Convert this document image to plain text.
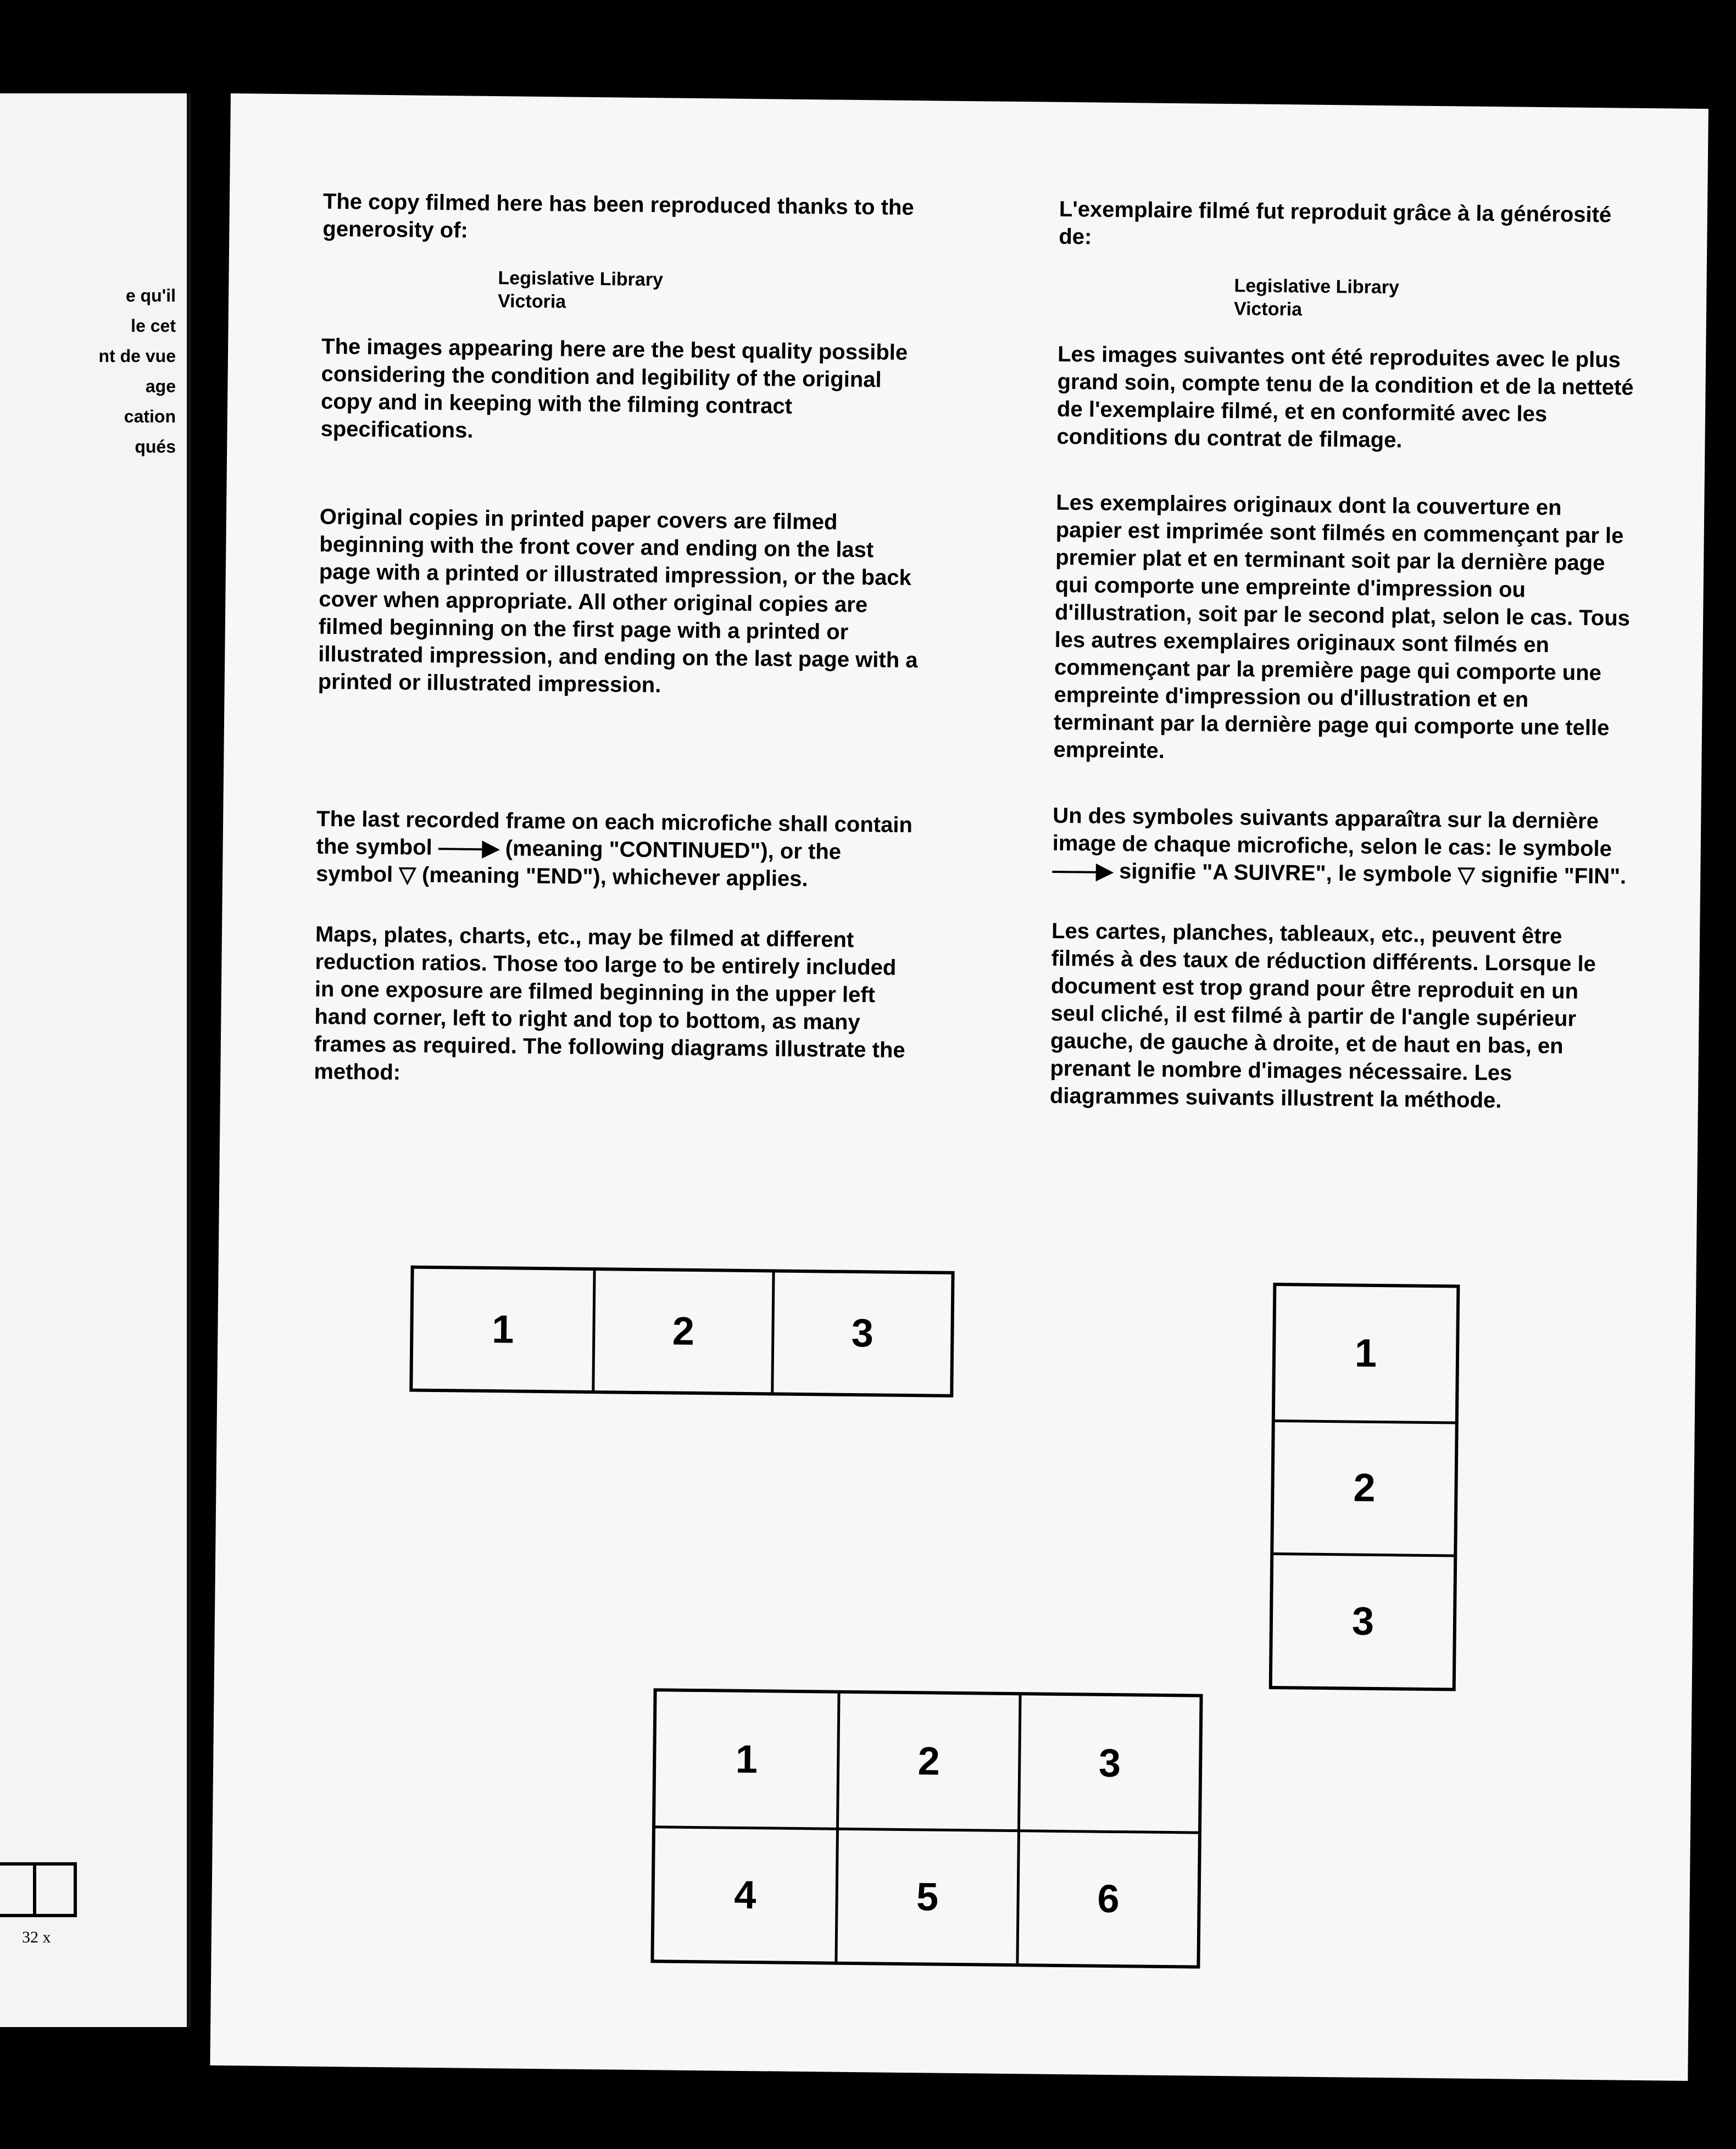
e qu'il
le cet
nt de vue
age
cation
qués
32 x

The copy filmed here has been reproduced thanks to the generosity of:

Legislative Library

Victoria

The images appearing here are the best quality possible considering the condition and legibility of the original copy and in keeping with the filming contract specifications.

Original copies in printed paper covers are filmed beginning with the front cover and ending on the last page with a printed or illustrated impression, or the back cover when appropriate. All other original copies are filmed beginning on the first page with a printed or illustrated impression, and ending on the last page with a printed or illustrated impression.

The last recorded frame on each microfiche shall contain the symbol ——▶ (meaning "CONTINUED"), or the symbol ▽ (meaning "END"), whichever applies.

Maps, plates, charts, etc., may be filmed at different reduction ratios. Those too large to be entirely included in one exposure are filmed beginning in the upper left hand corner, left to right and top to bottom, as many frames as required. The following diagrams illustrate the method:

L'exemplaire filmé fut reproduit grâce à la générosité de:

Legislative Library

Victoria

Les images suivantes ont été reproduites avec le plus grand soin, compte tenu de la condition et de la netteté de l'exemplaire filmé, et en conformité avec les conditions du contrat de filmage.

Les exemplaires originaux dont la couverture en papier est imprimée sont filmés en commençant par le premier plat et en terminant soit par la dernière page qui comporte une empreinte d'impression ou d'illustration, soit par le second plat, selon le cas. Tous les autres exemplaires originaux sont filmés en commençant par la première page qui comporte une empreinte d'impression ou d'illustration et en terminant par la dernière page qui comporte une telle empreinte.

Un des symboles suivants apparaîtra sur la dernière image de chaque microfiche, selon le cas: le symbole ——▶ signifie "A SUIVRE", le symbole ▽ signifie "FIN".

Les cartes, planches, tableaux, etc., peuvent être filmés à des taux de réduction différents. Lorsque le document est trop grand pour être reproduit en un seul cliché, il est filmé à partir de l'angle supérieur gauche, de gauche à droite, et de haut en bas, en prenant le nombre d'images nécessaire. Les diagrammes suivants illustrent la méthode.

1	2	3	1
2
3
1	2	3
4	5	6
